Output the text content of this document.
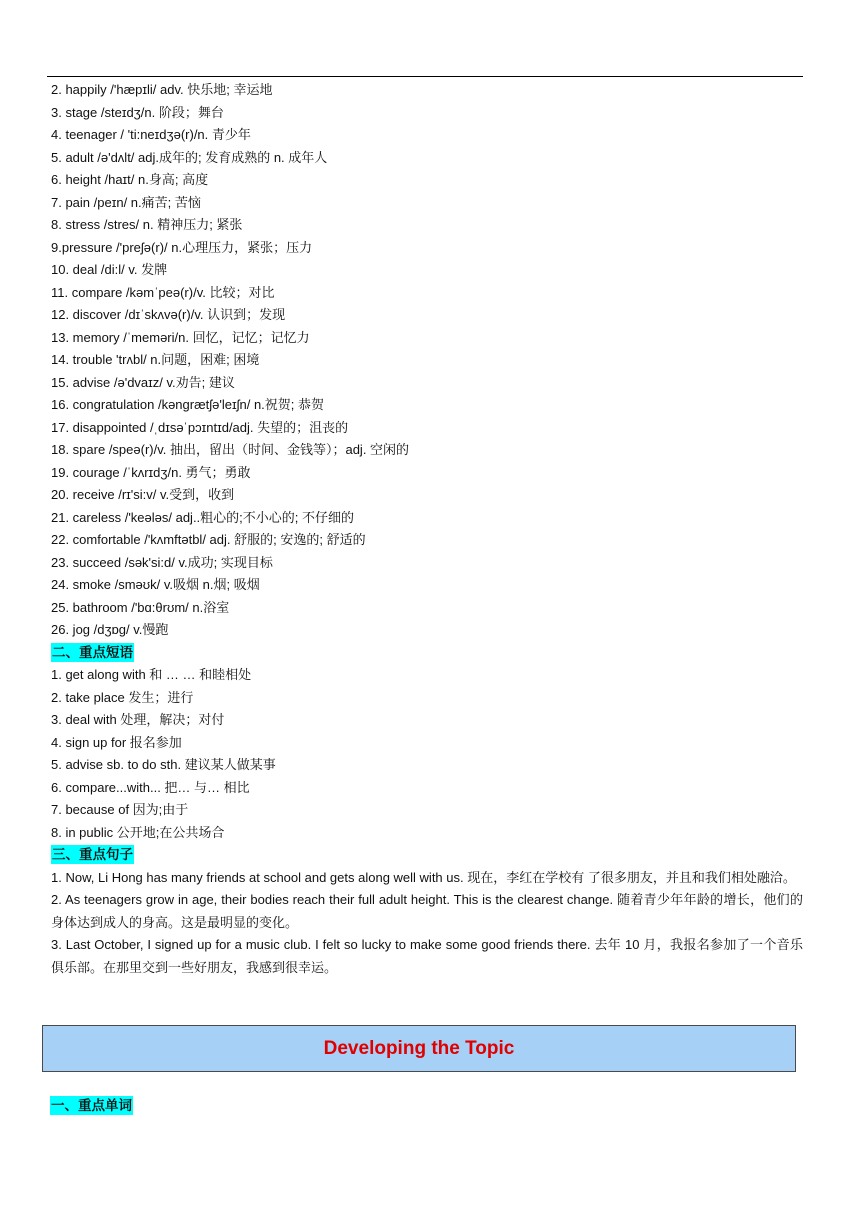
2. happily /'hæpɪli/ adv. 快乐地; 幸运地
3. stage /steɪdʒ/n. 阶段；舞台
4. teenager / 'ti:neɪdʒə(r)/n. 青少年
5. adult /ə'dʌlt/ adj.成年的; 发育成熟的 n. 成年人
6. height /haɪt/ n.身高; 高度
7. pain /peɪn/ n.痛苦; 苦恼
8. stress /stres/ n. 精神压力; 紧张
9.pressure /'preʃə(r)/ n.心理压力，紧张；压力
10. deal /di:l/ v. 发牌
11. compare /kəmˈpeə(r)/v. 比较；对比
12. discover /dɪˈskʌvə(r)/v. 认识到；发现
13. memory /ˈmeməri/n. 回忆，记忆；记忆力
14. trouble 'trʌbl/ n.问题，困难; 困境
15. advise /ə'dvaɪz/ v.劝告; 建议
16. congratulation /kəngrætʃə'leɪʃn/ n.祝贺; 恭贺
17. disappointed /ˌdɪsəˈpɔɪntɪd/adj. 失望的；沮丧的
18. spare /speə(r)/v. 抽出，留出（时间、金钱等）；adj. 空闲的
19. courage /ˈkʌrɪdʒ/n. 勇气；勇敢
20. receive /rɪ'si:v/ v.受到，收到
21. careless /'keələs/ adj..粗心的;不小心的; 不仔细的
22. comfortable /'kʌmftətbl/ adj. 舒服的; 安逸的; 舒适的
23. succeed /sək'si:d/ v.成功; 实现目标
24. smoke /sməʊk/ v.吸烟 n.烟; 吸烟
25. bathroom /'bɑ:θrʊm/ n.浴室
26. jog /dʒɒg/ v.慢跑
二、重点短语
1. get along with 和 … … 和睦相处
2. take place 发生；进行
3. deal with 处理，解决；对付
4. sign up for 报名参加
5. advise sb. to do sth. 建议某人做某事
6. compare...with... 把… 与… 相比
7. because of 因为;由于
8. in public 公开地;在公共场合
三、重点句子

1. Now, Li Hong has many friends at school and gets along well with us. 现在，李红在学校有 了很多朋友，并且和我们相处融洽。

2. As teenagers grow in age, their bodies reach their full adult height. This is the clearest change. 随着青少年年龄的增长，他们的身体达到成人的身高。这是最明显的变化。

3. Last October, I signed up for a music club. I felt so lucky to make some good friends there. 去年 10 月，我报名参加了一个音乐俱乐部。在那里交到一些好朋友，我感到很幸运。

Developing the Topic
一、重点单词
